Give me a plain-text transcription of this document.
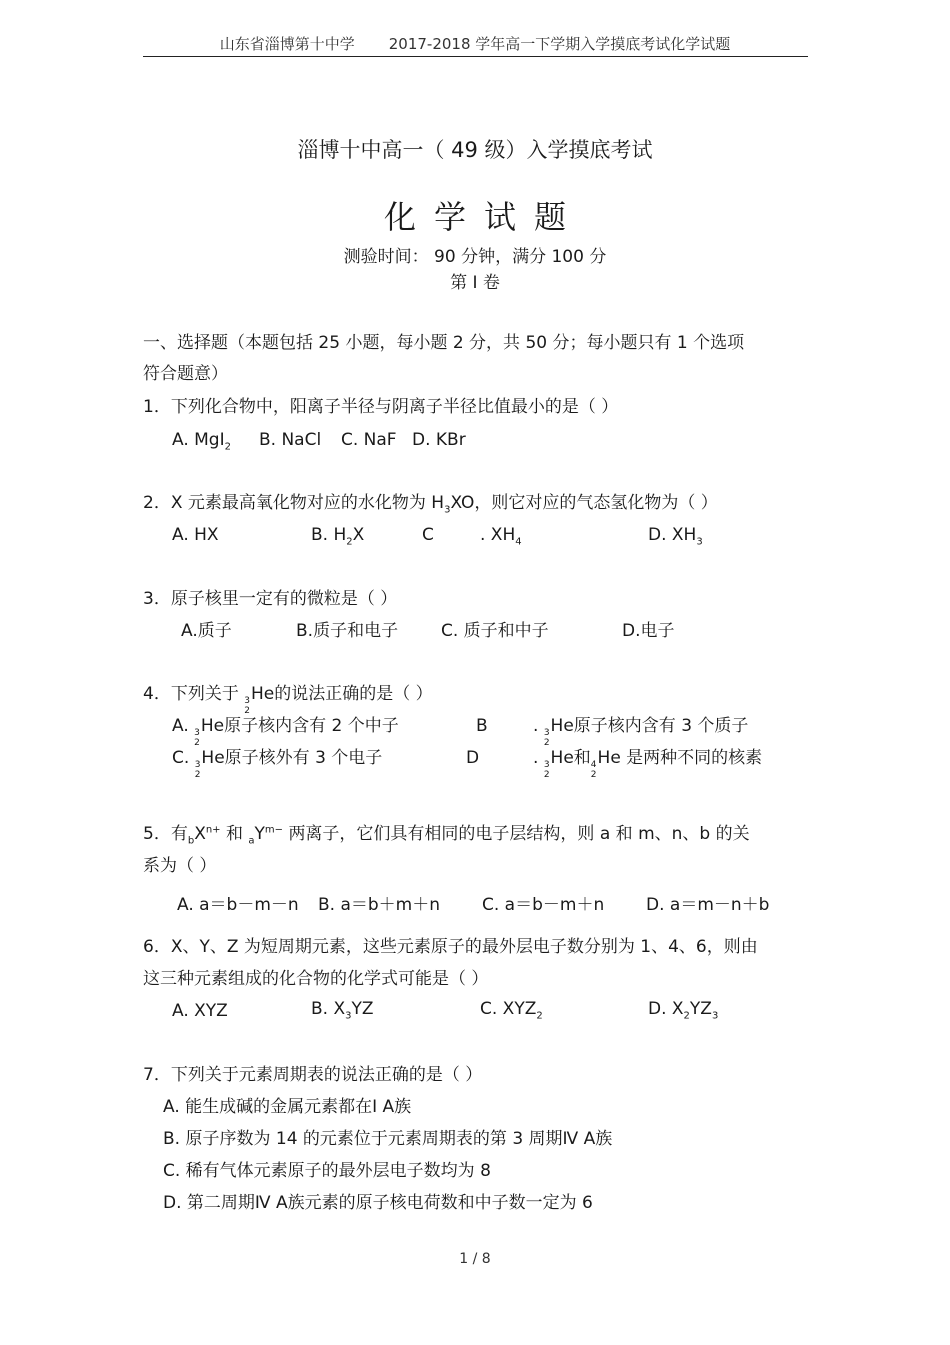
山东省淄博第十中学 2017-2018 学年高一下学期入学摸底考试化学试题
淄博十中高一（ 49 级）入学摸底考试
化学试题
测验时间： 90 分钟，满分 100 分
第 I 卷
一、选择题（本题包括 25 小题，每小题 2 分，共 50 分；每小题只有 1 个选项
符合题意）
1．下列化合物中，阳离子半径与阴离子半径比值最小的是（ ）
A. MgI$_2$ B. NaCl C. NaF D. KBr
2．X 元素最高氧化物对应的水化物为 $H_3XO$，则它对应的气态氢化物为（ ）
A. HX	B. $H_2X$	C	. $XH_4$	D. $XH_3$
3．原子核里一定有的微粒是（ ）
A.质子	B.质子和电子	C. 质子和中子	D.电子
4．下列关于 3
2
He的说法正确的是（ ）
A. 3
2
He原子核内含有 2 个中子	B	. 3
2
He原子核内含有 3 个质子
C. 3
2
He原子核外有 3 个电子	D	. 3
2
He和 4
2
He 是两种不同的核素
5．有$_bX^{n+}$ 和 $_aY^{m-}$ 两离子，它们具有相同的电子层结构，则 a 和 m、n、b 的关
系为（ ）
A. a＝b－m－n B. a＝b＋m＋n C. a＝b－m＋n D. a＝m－n＋b
6．X、Y、Z 为短周期元素，这些元素原子的最外层电子数分别为 1、4、6，则由
这三种元素组成的化合物的化学式可能是（ ）
A. XYZ	B. $X_3YZ$	C. $XYZ_2$	D. $X_2YZ_3$
7．下列关于元素周期表的说法正确的是（ ）
A. 能生成碱的金属元素都在Ⅰ A族
B. 原子序数为 14 的元素位于元素周期表的第 3 周期Ⅳ A族
C. 稀有气体元素原子的最外层电子数均为 8
D. 第二周期Ⅳ A族元素的原子核电荷数和中子数一定为 6
1 / 8
